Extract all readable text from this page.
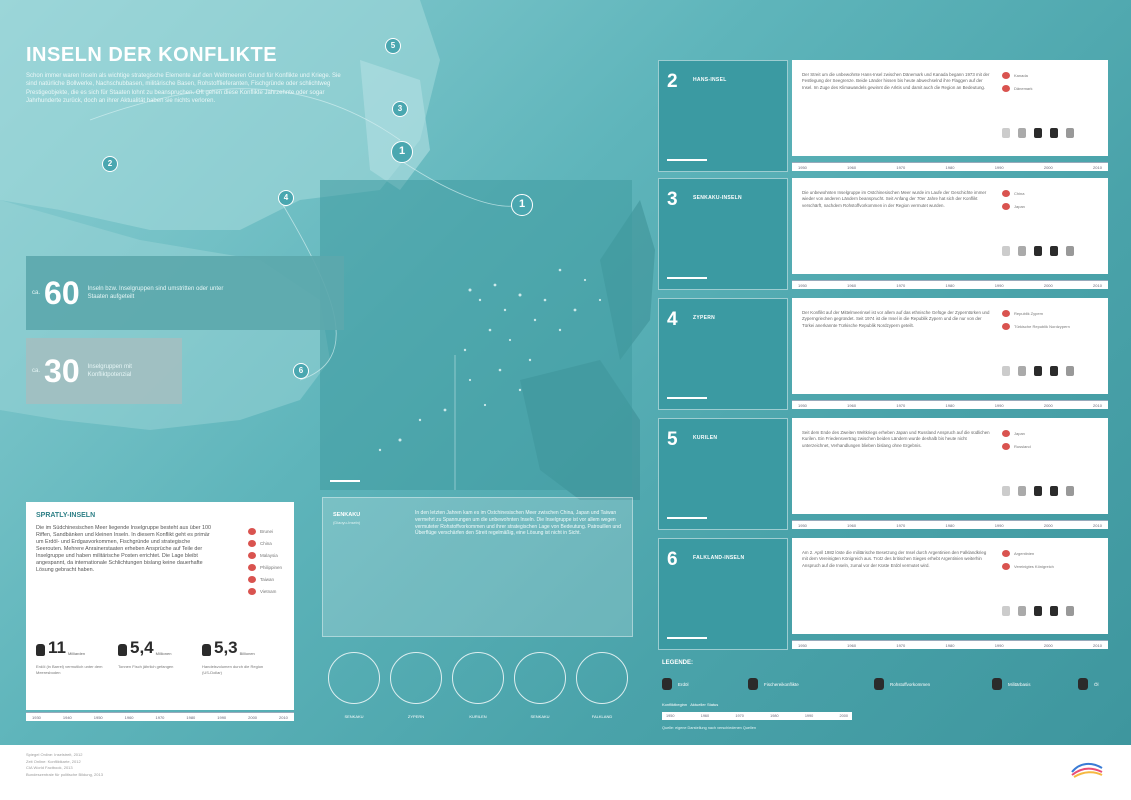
INSELN DER KONFLIKTE
Schon immer waren Inseln als wichtige strategische Elemente auf den Weltmeeren Grund für Konflikte und Kriege. Sie sind natürliche Bollwerke, Nachschubbasen, militärische Basen, Rohstofflieferanten, Fischgründe oder schlichtweg Prestigeobjekte, die es sich für Staaten lohnt zu beanspruchen. Oft gehen diese Konflikte Jahrzehnte oder sogar Jahrhunderte zurück, doch an ihrer Aktualität haben sie nichts verloren.
ca. 60 Inseln bzw. Inselgruppen sind umstritten oder unter Staaten aufgeteilt
ca. 30 Inselgruppen mit Konfliktpotenzial
5
3
1
2
4
6
1
SPRATLY-INSELN
Die im Südchinesischen Meer liegende Inselgruppe besteht aus über 100 Riffen, Sandbänken und kleinen Inseln. In diesem Konflikt geht es primär um Erdöl- und Erdgasvorkommen, Fischgründe und strategische Seerouten. Mehrere Anrainerstaaten erheben Ansprüche auf Teile der Inselgruppe und haben militärische Posten errichtet. Die Lage bleibt angespannt, da internationale Schlichtungen bislang keine dauerhafte Lösung gebracht haben.
Brunei
China
Malaysia
Philippinen
Taiwan
Vietnam
11 Milliarden
Erdöl (in Barrel) vermutlich unter dem Meeresboden
5,4 Millionen
Tonnen Fisch jährlich gefangen
5,3 Billionen
Handelsvolumen durch die Region (US-Dollar)
1930	1940	1950	1960	1970	1980	1990	2000	2010
SENKAKU
(Diaoyu-Inseln)
In den letzten Jahren kam es im Ostchinesischen Meer zwischen China, Japan und Taiwan vermehrt zu Spannungen um die unbewohnten Inseln. Die Inselgruppe ist vor allem wegen vermuteter Rohstoffvorkommen und ihrer strategischen Lage von Bedeutung. Patrouillen und Überflüge verschärfen den Streit regelmäßig, eine Lösung ist nicht in Sicht.
SENKAKU	ZYPERN	KURILEN	SENKAKU	FALKLAND
2	HANS-INSEL
Der Streit um die unbewohnte Hans-Insel zwischen Dänemark und Kanada begann 1973 mit der Festlegung der Seegrenze. Beide Länder hissen bis heute abwechselnd ihre Flaggen auf der Insel. Im Zuge des Klimawandels gewinnt die Arktis und damit auch die Region an Bedeutung.
Kanada
Dänemark
1950	1960	1970	1980	1990	2000	2010
3	SENKAKU-INSELN
Die unbewohnten Inselgruppe im Ostchinesischen Meer wurde im Laufe der Geschichte immer wieder von anderen Ländern beansprucht. Seit Anfang der 70er Jahre hat sich der Konflikt verschärft, nachdem Rohstoffvorkommen in der Region vermutet wurden.
China
Japan
1950	1960	1970	1980	1990	2000	2010
4	ZYPERN
Der Konflikt auf der Mittelmeerinsel ist vor allem auf das ethnische Gefüge der Zyperntürken und Zyperngriechen gegründet. Seit 1974 ist die Insel in die Republik Zypern und die nur von der Türkei anerkannte Türkische Republik Nordzypern geteilt.
Republik Zypern
Türkische Republik Nordzypern
1950	1960	1970	1980	1990	2000	2010
5	KURILEN
Seit dem Ende des Zweiten Weltkriegs erheben Japan und Russland Anspruch auf die südlichen Kurilen. Ein Friedensvertrag zwischen beiden Ländern wurde deshalb bis heute nicht unterzeichnet, Verhandlungen blieben bislang ohne Ergebnis.
Japan
Russland
1950	1960	1970	1980	1990	2000	2010
6	FALKLAND-INSELN
Am 2. April 1982 löste die militärische Besetzung der Insel durch Argentinien den Falklandkrieg mit dem Vereinigten Königreich aus. Trotz des britischen Sieges erhebt Argentinien weiterhin Anspruch auf die Inseln, zumal vor der Küste Erdöl vermutet wird.
Argentinien
Vereinigtes Königreich
1950	1960	1970	1980	1990	2000	2010
LEGENDE:
Erdöl	Fischereikonflikte	Rohstoffvorkommen	Militärbasis	Öl
Konfliktbeginn Aktueller Status
1950	1960	1970	1980	1990	2000
Quelle: eigene Darstellung nach verschiedenen Quellen
Spiegel Online: Inselstreit, 2012
Zeit Online: Konfliktkarte, 2012
CIA World Factbook, 2013
Bundeszentrale für politische Bildung, 2013
